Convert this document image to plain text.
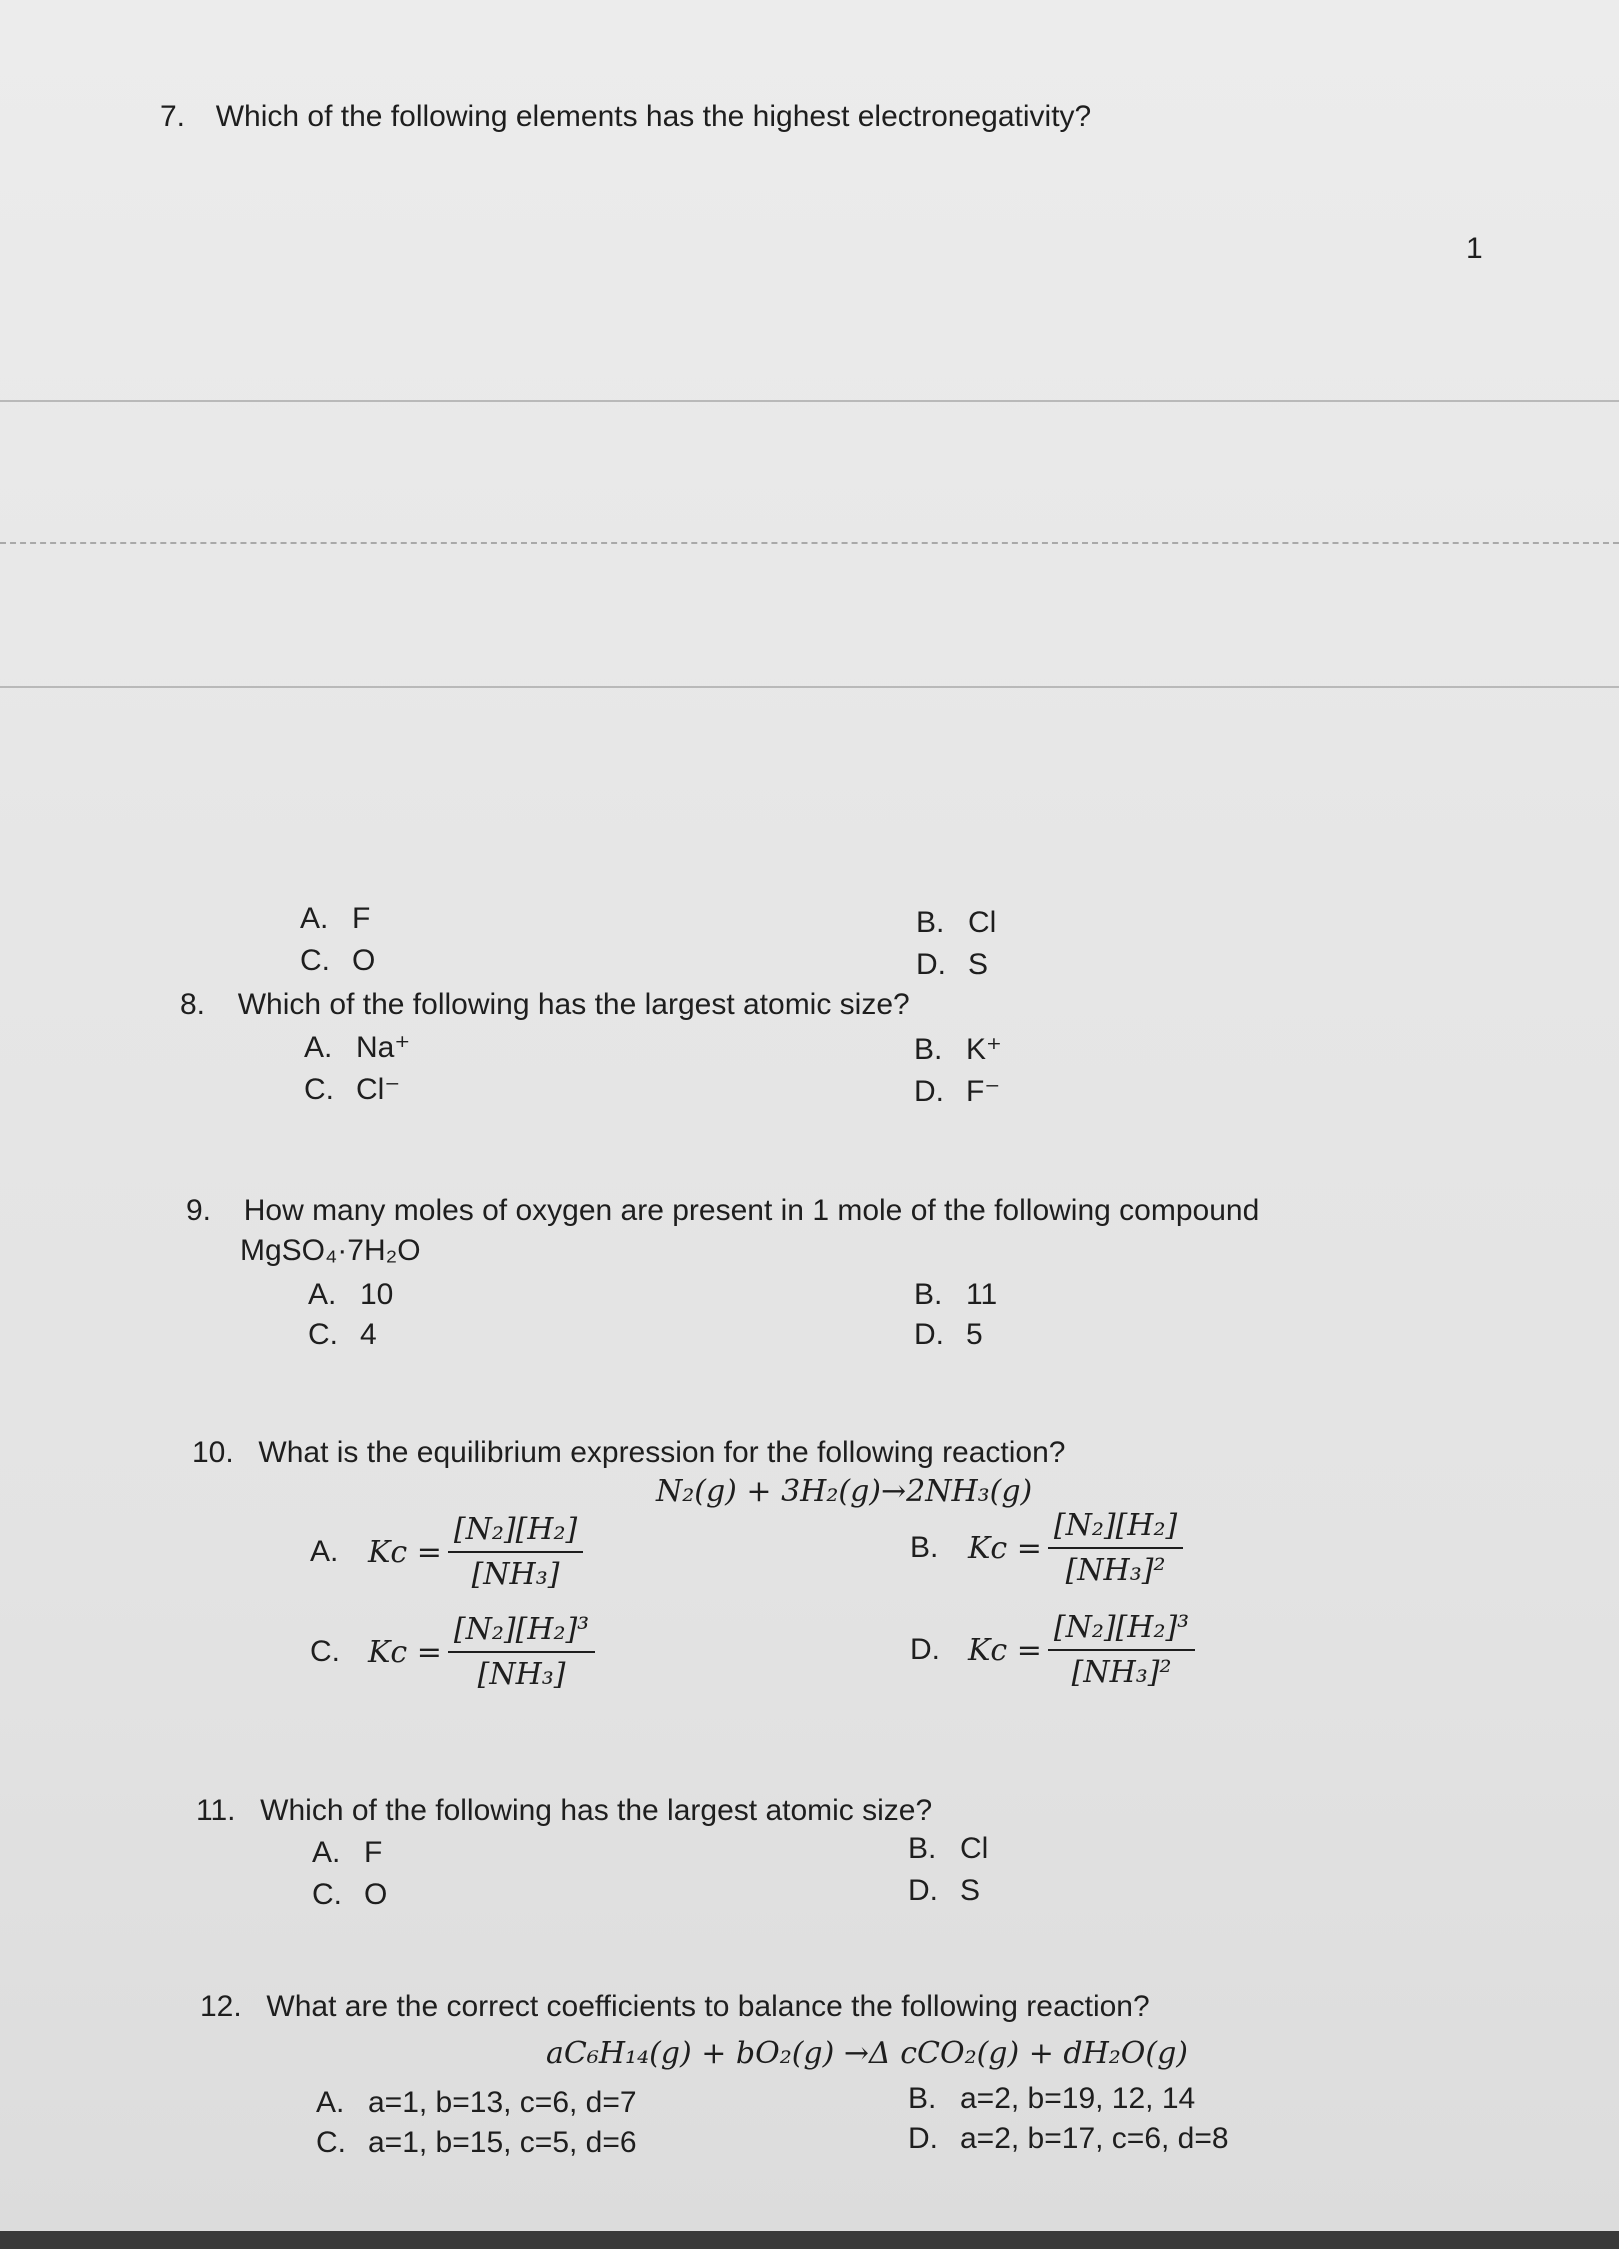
7. Which of the following elements has the highest electronegativity?
1
A. F	B. Cl
C. O	D. S
8. Which of the following has the largest atomic size?
A. Na⁺	B. K⁺
C. Cl⁻	D. F⁻
9. How many moles of oxygen are present in 1 mole of the following compound
MgSO₄·7H₂O
A. 10	B. 11
C. 4	D. 5
10. What is the equilibrium expression for the following reaction?
N₂(g) + 3H₂(g)→2NH₃(g)
A. $Kc = \frac{\text{[N₂][H₂]}}{\text{[NH₃]}}$	B. $Kc = \frac{\text{[N₂][H₂]}}{\text{[NH₃]²}}$
C. $Kc = \frac{\text{[N₂][H₂]³}}{\text{[NH₃]}}$	D. $Kc = \frac{\text{[N₂][H₂]³}}{\text{[NH₃]²}}$
11. Which of the following has the largest atomic size?
A. F	B. Cl
C. O	D. S
12. What are the correct coefficients to balance the following reaction?
aC₆H₁₄(g) + bO₂(g) →Δ cCO₂(g) + dH₂O(g)
A. a=1, b=13, c=6, d=7	B. a=2, b=19, 12, 14
C. a=1, b=15, c=5, d=6	D. a=2, b=17, c=6, d=8
